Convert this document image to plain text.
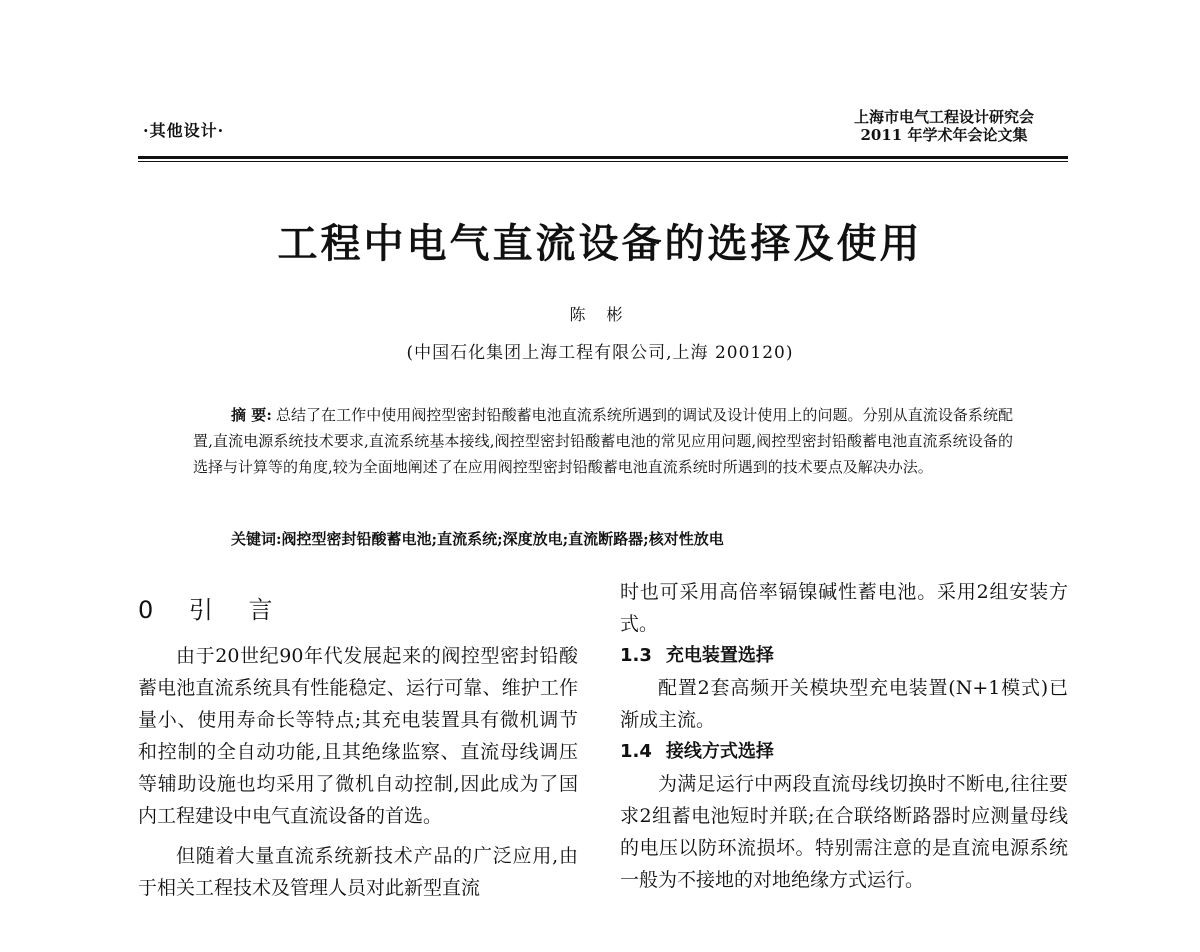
·其他设计·
上海市电气工程设计研究会
2011 年学术年会论文集
工程中电气直流设备的选择及使用
陈 彬
(中国石化集团上海工程有限公司,上海 200120)
摘 要: 总结了在工作中使用阀控型密封铅酸蓄电池直流系统所遇到的调试及设计使用上的问题。分别从直流设备系统配置,直流电源系统技术要求,直流系统基本接线,阀控型密封铅酸蓄电池的常见应用问题,阀控型密封铅酸蓄电池直流系统设备的选择与计算等的角度,较为全面地阐述了在应用阀控型密封铅酸蓄电池直流系统时所遇到的技术要点及解决办法。
关键词:阀控型密封铅酸蓄电池;直流系统;深度放电;直流断路器;核对性放电
0 引 言

由于20世纪90年代发展起来的阀控型密封铅酸蓄电池直流系统具有性能稳定、运行可靠、维护工作量小、使用寿命长等特点;其充电装置具有微机调节和控制的全自动功能,且其绝缘监察、直流母线调压等辅助设施也均采用了微机自动控制,因此成为了国内工程建设中电气直流设备的首选。

但随着大量直流系统新技术产品的广泛应用,由于相关工程技术及管理人员对此新型直流

时也可采用高倍率镉镍碱性蓄电池。采用2组安装方式。

1.3 充电装置选择

配置2套高频开关模块型充电装置(N+1模式)已渐成主流。

1.4 接线方式选择

为满足运行中两段直流母线切换时不断电,往往要求2组蓄电池短时并联;在合联络断路器时应测量母线的电压以防环流损坏。特别需注意的是直流电源系统一般为不接地的对地绝缘方式运行。
